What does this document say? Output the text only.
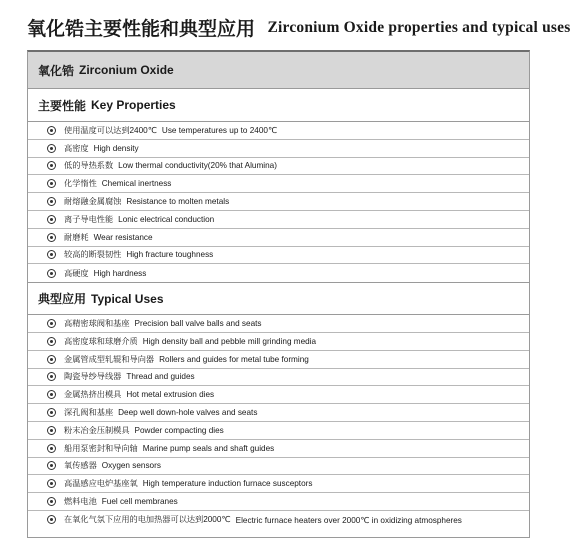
氧化锆主要性能和典型应用 Zirconium Oxide properties and typical uses
氧化锆 Zirconium Oxide
主要性能 Key Properties
使用温度可以达到2400℃ Use temperatures up to 2400℃
高密度 High density
低的导热系数 Low thermal conductivity(20% that Alumina)
化学惰性 Chemical inertness
耐熔融金属腐蚀 Resistance to molten metals
离子导电性能 Lonic electrical conduction
耐磨耗 Wear resistance
较高的断裂韧性 High fracture toughness
高硬度 High hardness
典型应用 Typical Uses
高精密球阀和基座 Precision ball valve balls and seats
高密度球和球磨介质 High density ball and pebble mill grinding media
金属管成型轧辊和导向器 Rollers and guides for metal tube forming
陶瓷导纱导线器 Thread and guides
金属热挤出模具 Hot metal extrusion dies
深孔阀和基座 Deep well down-hole valves and seats
粉末冶金压制模具 Powder compacting dies
船用泵密封和导向轴 Marine pump seals and shaft guides
氧传感器 Oxygen sensors
高温感应电炉基座氧 High temperature induction furnace susceptors
燃料电池 Fuel cell membranes
在氧化气氛下应用的电加热器可以达到2000℃ Electric furnace heaters over 2000℃ in oxidizing atmospheres
